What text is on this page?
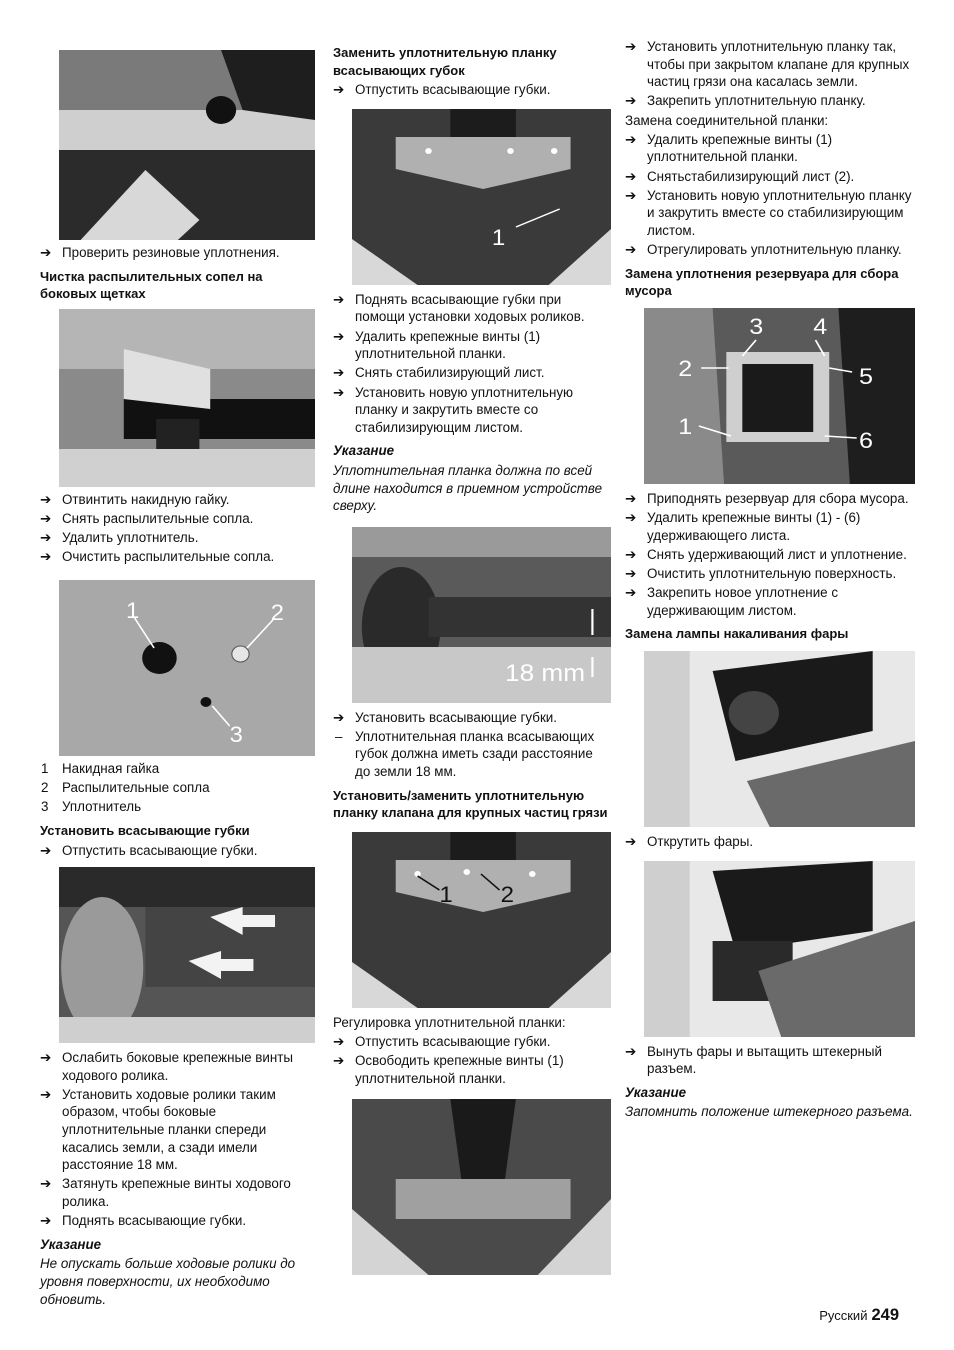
➔ Проверить резиновые уплотнения.
Чистка распылительных сопел на боковых щетках
➔ Отвинтить накидную гайку.
➔ Снять распылительные сопла.
➔ Удалить уплотнитель.
➔ Очистить распылительные сопла.
1	2
3
1 Накидная гайка
2 Распылительные сопла
3 Уплотнитель
Установить всасывающие губки
➔ Отпустить всасывающие губки.
➔ Ослабить боковые крепежные винты ходового ролика.
➔ Установить ходовые ролики таким образом, чтобы боковые уплотнительные планки спереди касались земли, а сзади имели расстояние 18 мм.
➔ Затянуть крепежные винты ходового ролика.
➔ Поднять всасывающие губки.
Указание
Не опускать больше ходовые ролики до уровня поверхности, их необходимо обновить.
Заменить уплотнительную планку всасывающих губок
➔ Отпустить всасывающие губки.
1
➔ Поднять всасывающие губки при помощи установки ходовых роликов.
➔ Удалить крепежные винты (1) уплотнительной планки.
➔ Снять стабилизирующий лист.
➔ Установить новую уплотнительную планку и закрутить вместе со стабилизирующим листом.
Указание
Уплотнительная планка должна по всей длине находится в приемном устройстве сверху.
18 mm
➔ Установить всасывающие губки.
– Уплотнительная планка всасывающих губок должна иметь сзади расстояние до земли 18 мм.
Установить/заменить уплотнительную планку клапана для крупных частиц грязи
1 2
Регулировка уплотнительной планки:
➔ Отпустить всасывающие губки.
➔ Освободить крепежные винты (1) уплотнительной планки.
➔ Установить уплотнительную планку так, чтобы при закрытом клапане для крупных частиц грязи она касалась земли.
➔ Закрепить уплотнительную планку.
Замена соединительной планки:
➔ Удалить крепежные винты (1) уплотнительной планки.
➔ Снятьстабилизирующий лист (2).
➔ Установить новую уплотнительную планку и закрутить вместе со стабилизирующим листом.
➔ Отрегулировать уплотнительную планку.
Замена уплотнения резервуара для сбора мусора
3 4
2	5
1
6
➔ Приподнять резервуар для сбора мусора.
➔ Удалить крепежные винты (1) - (6) удерживающего листа.
➔ Снять удерживающий лист и уплотнение.
➔ Очистить уплотнительную поверхность.
➔ Закрепить новое уплотнение с удерживающим листом.
Замена лампы накаливания фары
➔ Открутить фары.
➔ Вынуть фары и вытащить штекерный разъем.
Указание
Запомнить положение штекерного разъема.
Русский 249
